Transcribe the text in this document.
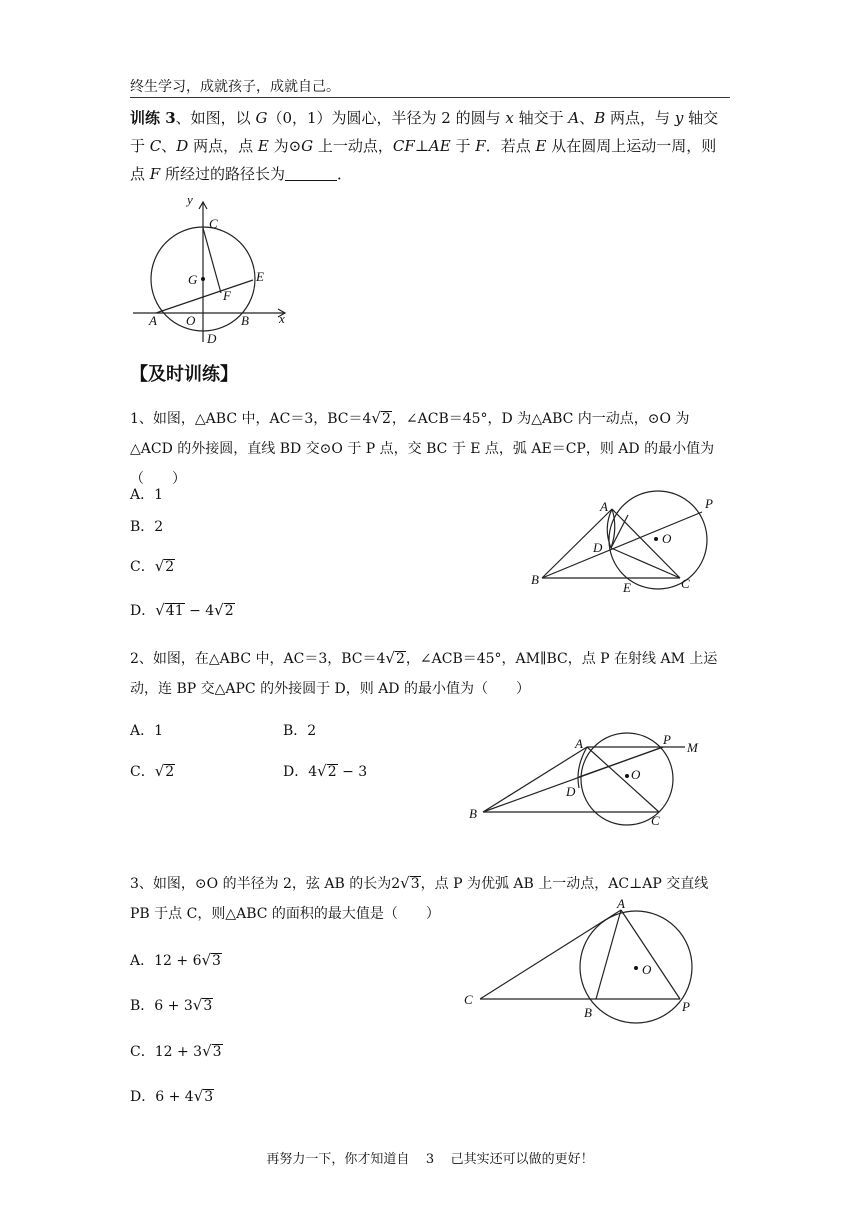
终生学习，成就孩子，成就自己。
训练 3、如图，以 G（0，1）为圆心，半径为 2 的圆与 x 轴交于 A、B 两点，与 y 轴交于 C、D 两点，点 E 为⊙G 上一动点，CF⊥AE 于 F．若点 E 从在圆周上运动一周，则点 F 所经过的路径长为	．
y
C
G	E
F
A O	B x
D
【及时训练】
1、如图，△ABC 中，AC＝3，BC＝4√2，∠ACB＝45°，D 为△ABC 内一动点，⊙O 为△ACD 的外接圆，直线 BD 交⊙O 于 P 点，交 BC 于 E 点，弧 AE＝CP，则 AD 的最小值为（　　）
A．1
B．2
C．√2
D．√41 − 4√2
A	P
D
O
B
E	C
2、如图，在△ABC 中，AC＝3，BC＝4√2，∠ACB＝45°，AM∥BC，点 P 在射线 AM 上运动，连 BP 交△APC 的外接圆于 D，则 AD 的最小值为（　　）
A．1	B．2
C．√2	D．4√2 − 3
A	P
M
D
O
B	C
3、如图，⊙O 的半径为 2，弦 AB 的长为2√3，点 P 为优弧 AB 上一动点，AC⊥AP 交直线 PB 于点 C，则△ABC 的面积的最大值是（　　）
A．12 + 6√3
B．6 + 3√3
C．12 + 3√3
D．6 + 4√3
A
O
C
B	P
再努力一下，你才知道自 3 己其实还可以做的更好！
